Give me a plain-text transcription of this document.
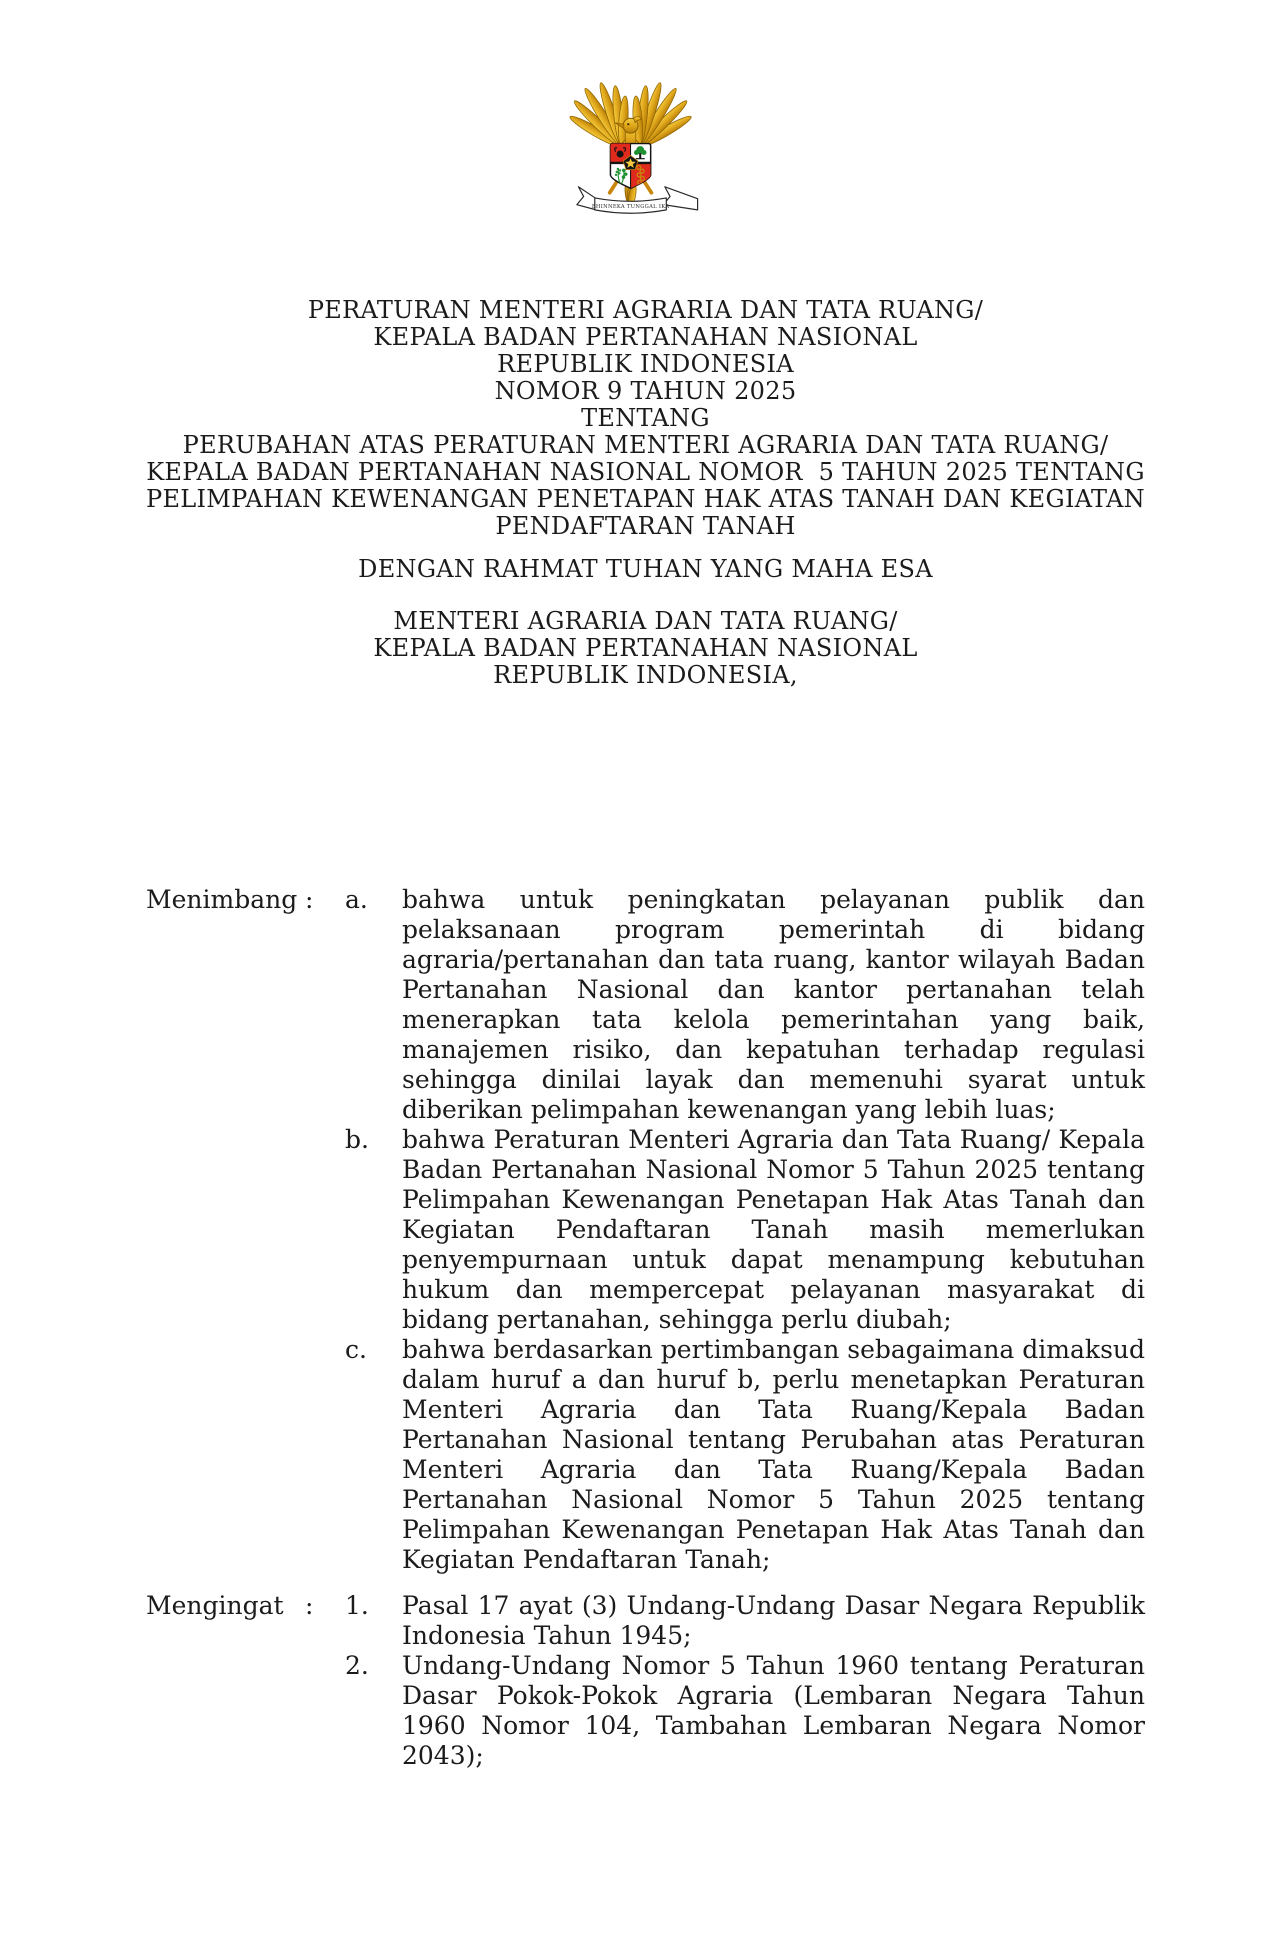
BHINNEKA TUNGGAL IKA
PERATURAN MENTERI AGRARIA DAN TATA RUANG/
KEPALA BADAN PERTANAHAN NASIONAL
REPUBLIK INDONESIA
NOMOR 9 TAHUN 2025
TENTANG
PERUBAHAN ATAS PERATURAN MENTERI AGRARIA DAN TATA RUANG/
KEPALA BADAN PERTANAHAN NASIONAL NOMOR  5 TAHUN 2025 TENTANG
PELIMPAHAN KEWENANGAN PENETAPAN HAK ATAS TANAH DAN KEGIATAN
PENDAFTARAN TANAH
DENGAN RAHMAT TUHAN YANG MAHA ESA
MENTERI AGRARIA DAN TATA RUANG/
KEPALA BADAN PERTANAHAN NASIONAL
REPUBLIK INDONESIA,
Menimbang :	a.	bahwa untuk peningkatan pelayanan publik dan pelaksanaan program pemerintah di bidang agraria/pertanahan dan tata ruang, kantor wilayah Badan Pertanahan Nasional dan kantor pertanahan telah menerapkan tata kelola pemerintahan yang baik, manajemen risiko, dan kepatuhan terhadap regulasi sehingga dinilai layak dan memenuhi syarat untuk diberikan pelimpahan kewenangan yang lebih luas;
b.	bahwa Peraturan Menteri Agraria dan Tata Ruang/ Kepala Badan Pertanahan Nasional Nomor 5 Tahun 2025 tentang Pelimpahan Kewenangan Penetapan Hak Atas Tanah dan Kegiatan Pendaftaran Tanah masih memerlukan penyempurnaan untuk dapat menampung kebutuhan hukum dan mempercepat pelayanan masyarakat di bidang pertanahan, sehingga perlu diubah;
c.	bahwa berdasarkan pertimbangan sebagaimana dimaksud dalam huruf a dan huruf b, perlu menetapkan Peraturan Menteri Agraria dan Tata Ruang/Kepala Badan Pertanahan Nasional tentang Perubahan atas Peraturan Menteri Agraria dan Tata Ruang/Kepala Badan Pertanahan Nasional Nomor 5 Tahun 2025 tentang Pelimpahan Kewenangan Penetapan Hak Atas Tanah dan Kegiatan Pendaftaran Tanah;
Mengingat :	1.	Pasal 17 ayat (3) Undang-Undang Dasar Negara Republik Indonesia Tahun 1945;
2.	Undang-Undang Nomor 5 Tahun 1960 tentang Peraturan Dasar Pokok-Pokok Agraria (Lembaran Negara Tahun 1960 Nomor 104, Tambahan Lembaran Negara Nomor 2043);
